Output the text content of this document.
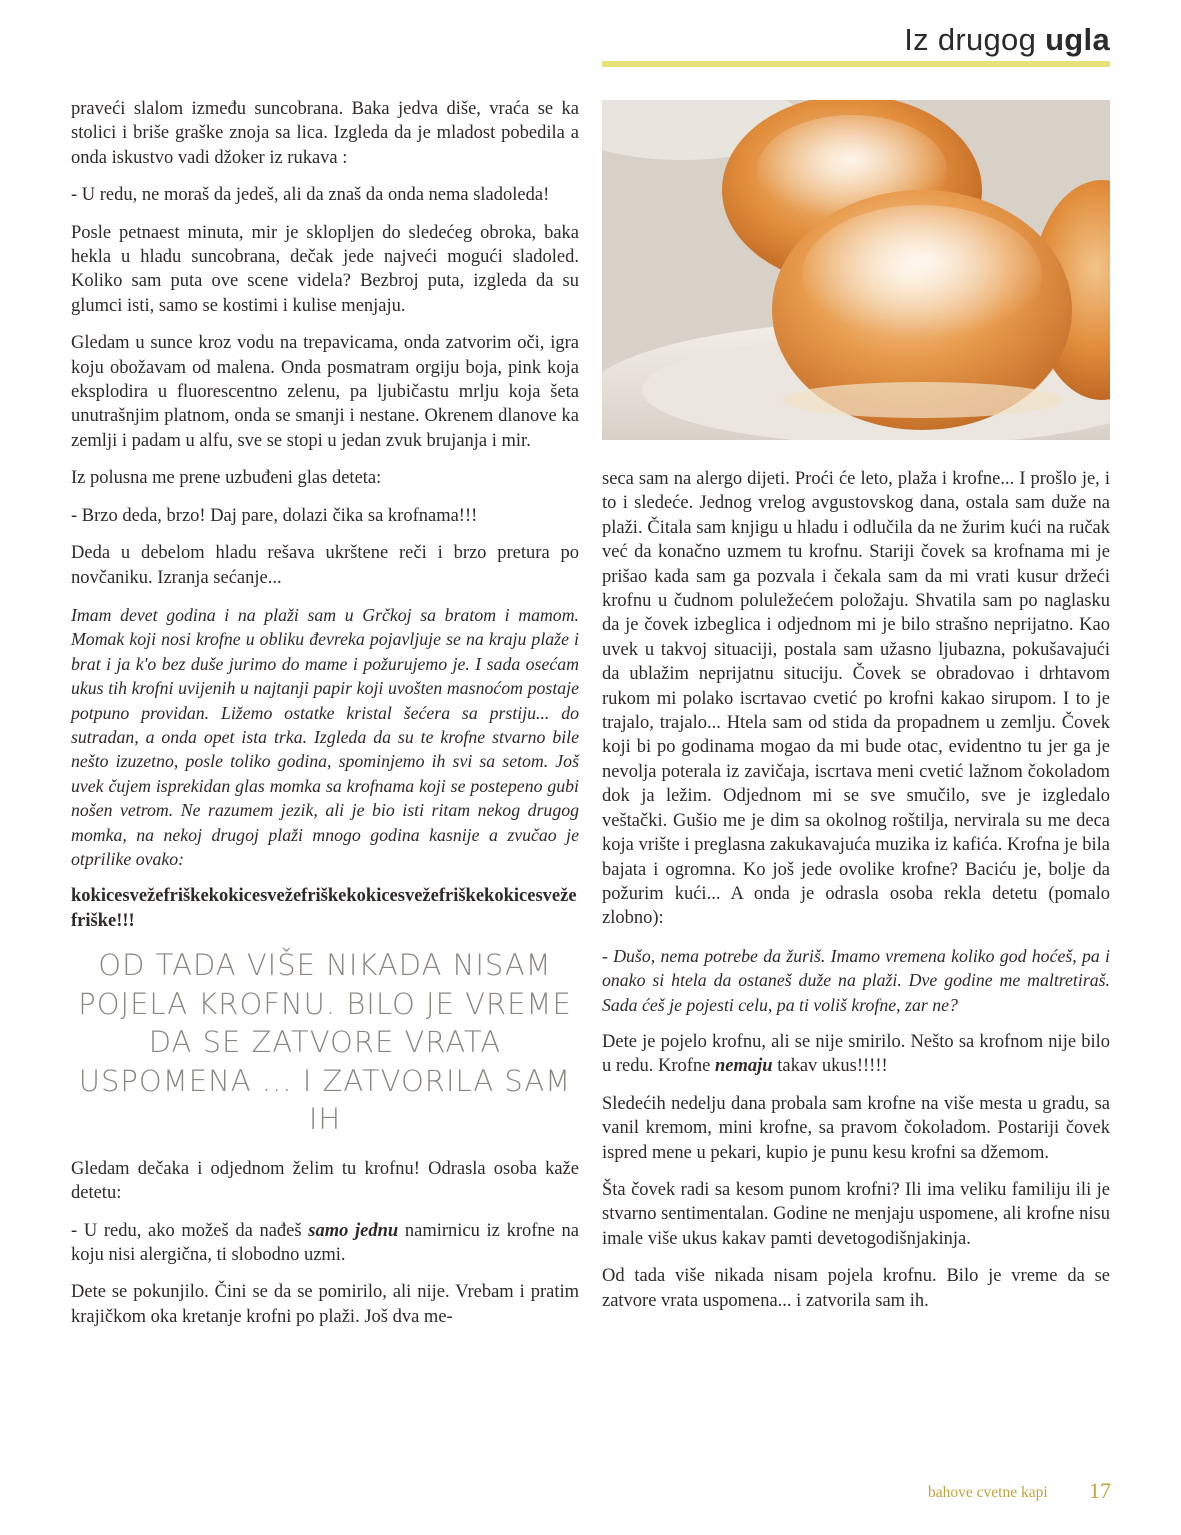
Iz drugog ugla

praveći slalom između suncobrana. Baka jedva diše, vraća se ka stolici i briše graške znoja sa lica. Izgleda da je mladost pobedila a onda iskustvo vadi džoker iz rukava :

- U redu, ne moraš da jedeš, ali da znaš da onda nema sladoleda!

Posle petnaest minuta, mir je sklopljen do sledećeg obroka, baka hekla u hladu suncobrana, dečak jede najveći mogući sladoled. Koliko sam puta ove scene videla? Bezbroj puta, izgleda da su glumci isti, samo se kostimi i kulise menjaju.

Gledam u sunce kroz vodu na trepavicama, onda zatvorim oči, igra koju obožavam od malena. Onda posmatram orgiju boja, pink koja eksplodira u fluorescentno zelenu, pa ljubičastu mrlju koja šeta unutrašnjim platnom, onda se smanji i nestane. Okrenem dlanove ka zemlji i padam u alfu, sve se stopi u jedan zvuk brujanja i mir.

Iz polusna me prene uzbuđeni glas deteta:

- Brzo deda, brzo! Daj pare, dolazi čika sa krofnama!!!

Deda u debelom hladu rešava ukrštene reči i brzo pretura po novčaniku. Izranja sećanje...

Imam devet godina i na plaži sam u Grčkoj sa bratom i mamom. Momak koji nosi krofne u obliku đevreka pojavljuje se na kraju plaže i brat i ja k'o bez duše jurimo do mame i požurujemo je. I sada osećam ukus tih krofni uvijenih u najtanji papir koji uvošten masnoćom postaje potpuno providan. Ližemo ostatke kristal šećera sa prstiju... do sutradan, a onda opet ista trka. Izgleda da su te krofne stvarno bile nešto izuzetno, posle toliko godina, spominjemo ih svi sa setom. Još uvek čujem isprekidan glas momka sa krofnama koji se postepeno gubi nošen vetrom. Ne razumem jezik, ali je bio isti ritam nekog drugog momka, na nekoj drugoj plaži mnogo godina kasnije a zvučao je otprilike ovako:

kokicesvežefriškekokicesvežefriškekokicesvežefriškekokicesvežefriške!!!

OD TADA VIŠE NIKADA NISAM POJELA KROFNU. BILO JE VREME DA SE ZATVORE VRATA USPOMENA ... I ZATVORILA SAM IH

Gledam dečaka i odjednom želim tu krofnu! Odrasla osoba kaže detetu:

- U redu, ako možeš da nađeš samo jednu namirnicu iz krofne na koju nisi alergična, ti slobodno uzmi.

Dete se pokunjilo. Čini se da se pomirilo, ali nije. Vrebam i pratim krajičkom oka kretanje krofni po plaži. Još dva me-

seca sam na alergo dijeti. Proći će leto, plaža i krofne... I prošlo je, i to i sledeće. Jednog vrelog avgustovskog dana, ostala sam duže na plaži. Čitala sam knjigu u hladu i odlučila da ne žurim kući na ručak već da konačno uzmem tu krofnu. Stariji čovek sa krofnama mi je prišao kada sam ga pozvala i čekala sam da mi vrati kusur držeći krofnu u čudnom poluležećem položaju. Shvatila sam po naglasku da je čovek izbeglica i odjednom mi je bilo strašno neprijatno. Kao uvek u takvoj situaciji, postala sam užasno ljubazna, pokušavajući da ublažim neprijatnu situciju. Čovek se obradovao i drhtavom rukom mi polako iscrtavao cvetić po krofni kakao sirupom. I to je trajalo, trajalo... Htela sam od stida da propadnem u zemlju. Čovek koji bi po godinama mogao da mi bude otac, evidentno tu jer ga je nevolja poterala iz zavičaja, iscrtava meni cvetić lažnom čokoladom dok ja ležim. Odjednom mi se sve smučilo, sve je izgledalo veštački. Gušio me je dim sa okolnog roštilja, nervirala su me deca koja vrište i preglasna zakukavajuća muzika iz kafića. Krofna je bila bajata i ogromna. Ko još jede ovolike krofne? Baciću je, bolje da požurim kući... A onda je odrasla osoba rekla detetu (pomalo zlobno):

- Dušo, nema potrebe da žuriš. Imamo vremena koliko god hoćeš, pa i onako si htela da ostaneš duže na plaži. Dve godine me maltretiraš. Sada ćeš je pojesti celu, pa ti voliš krofne, zar ne?

Dete je pojelo krofnu, ali se nije smirilo. Nešto sa krofnom nije bilo u redu. Krofne nemaju takav ukus!!!!!

Sledećih nedelju dana probala sam krofne na više mesta u gradu, sa vanil kremom, mini krofne, sa pravom čokoladom. Postariji čovek ispred mene u pekari, kupio je punu kesu krofni sa džemom.

Šta čovek radi sa kesom punom krofni? Ili ima veliku familiju ili je stvarno sentimentalan. Godine ne menjaju uspomene, ali krofne nisu imale više ukus kakav pamti devetogodišnjakinja.

Od tada više nikada nisam pojela krofnu. Bilo je vreme da se zatvore vrata uspomena... i zatvorila sam ih.

bahove cvetne kapi 17
